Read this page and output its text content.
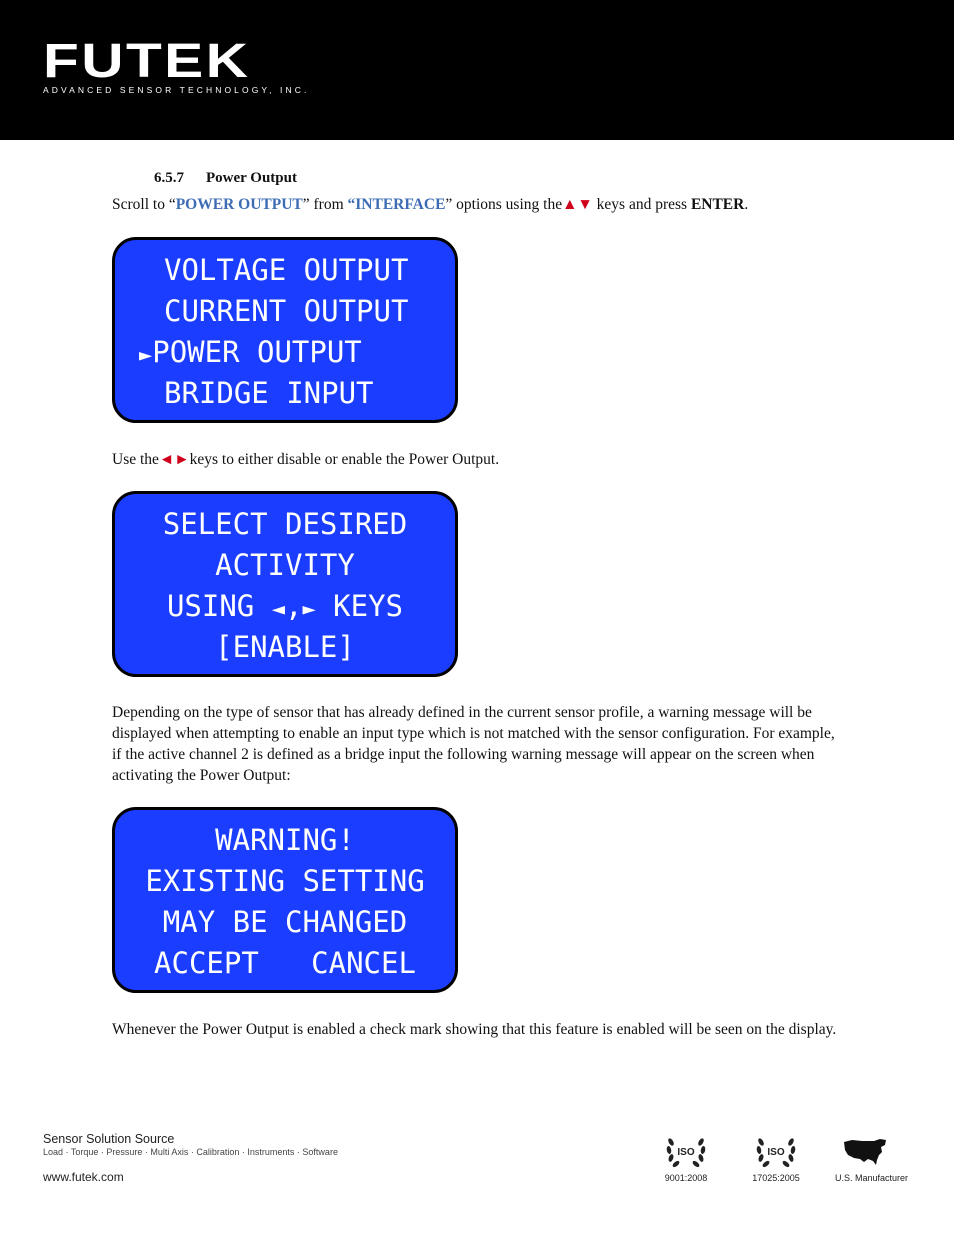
FUTEK
ADVANCED SENSOR TECHNOLOGY, INC.
6.5.7 Power Output
Scroll to “POWER OUTPUT” from “INTERFACE” options using the▲▼ keys and press ENTER.
VOLTAGE OUTPUT
CURRENT OUTPUT
►POWER OUTPUT
BRIDGE INPUT
Use the◄►keys to either disable or enable the Power Output.
SELECT DESIRED
ACTIVITY
USING ◄,► KEYS
[ENABLE]
Depending on the type of sensor that has already defined in the current sensor profile, a warning message will be displayed when attempting to enable an input type which is not matched with the sensor configuration. For example, if the active channel 2 is defined as a bridge input the following warning message will appear on the screen when activating the Power Output:
WARNING!
EXISTING SETTING
MAY BE CHANGED
ACCEPT   CANCEL
Whenever the Power Output is enabled a check mark showing that this feature is enabled will be seen on the display.
Sensor Solution Source
Load · Torque · Pressure · Multi Axis · Calibration · Instruments · Software
www.futek.com
ISO
9001:2008
ISO
17025:2005	U.S. Manufacturer
